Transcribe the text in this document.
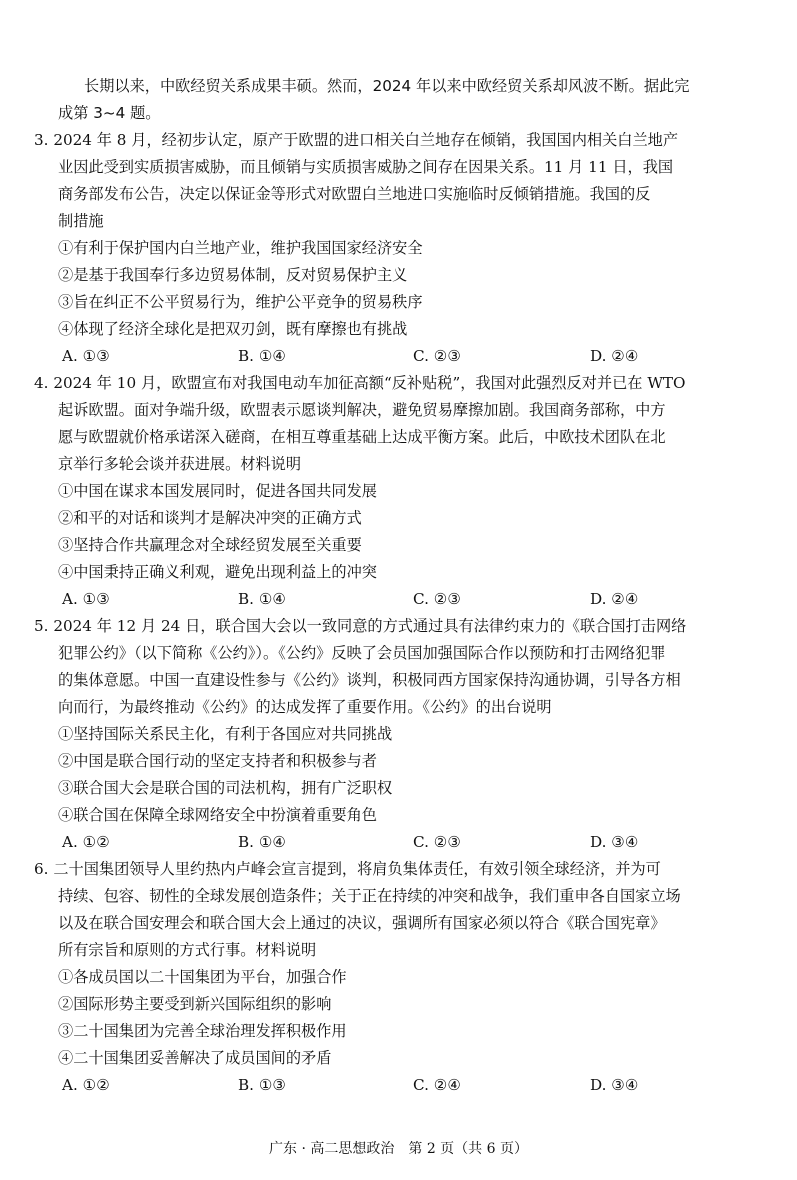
长期以来，中欧经贸关系成果丰硕。然而，2024 年以来中欧经贸关系却风波不断。据此完
成第 3~4 题。
3. 2024 年 8 月，经初步认定，原产于欧盟的进口相关白兰地存在倾销，我国国内相关白兰地产
业因此受到实质损害威胁，而且倾销与实质损害威胁之间存在因果关系。11 月 11 日，我国
商务部发布公告，决定以保证金等形式对欧盟白兰地进口实施临时反倾销措施。我国的反
制措施
①有利于保护国内白兰地产业，维护我国国家经济安全
②是基于我国奉行多边贸易体制，反对贸易保护主义
③旨在纠正不公平贸易行为，维护公平竞争的贸易秩序
④体现了经济全球化是把双刃剑，既有摩擦也有挑战
A. ①③	B. ①④	C. ②③	D. ②④
4. 2024 年 10 月，欧盟宣布对我国电动车加征高额“反补贴税”，我国对此强烈反对并已在 WTO
起诉欧盟。面对争端升级，欧盟表示愿谈判解决，避免贸易摩擦加剧。我国商务部称，中方
愿与欧盟就价格承诺深入磋商，在相互尊重基础上达成平衡方案。此后，中欧技术团队在北
京举行多轮会谈并获进展。材料说明
①中国在谋求本国发展同时，促进各国共同发展
②和平的对话和谈判才是解决冲突的正确方式
③坚持合作共赢理念对全球经贸发展至关重要
④中国秉持正确义利观，避免出现利益上的冲突
A. ①③	B. ①④	C. ②③	D. ②④
5. 2024 年 12 月 24 日，联合国大会以一致同意的方式通过具有法律约束力的《联合国打击网络
犯罪公约》（以下简称《公约》）。《公约》反映了会员国加强国际合作以预防和打击网络犯罪
的集体意愿。中国一直建设性参与《公约》谈判，积极同西方国家保持沟通协调，引导各方相
向而行，为最终推动《公约》的达成发挥了重要作用。《公约》的出台说明
①坚持国际关系民主化，有利于各国应对共同挑战
②中国是联合国行动的坚定支持者和积极参与者
③联合国大会是联合国的司法机构，拥有广泛职权
④联合国在保障全球网络安全中扮演着重要角色
A. ①②	B. ①④	C. ②③	D. ③④
6. 二十国集团领导人里约热内卢峰会宣言提到，将肩负集体责任，有效引领全球经济，并为可
持续、包容、韧性的全球发展创造条件；关于正在持续的冲突和战争，我们重申各自国家立场
以及在联合国安理会和联合国大会上通过的决议，强调所有国家必须以符合《联合国宪章》
所有宗旨和原则的方式行事。材料说明
①各成员国以二十国集团为平台，加强合作
②国际形势主要受到新兴国际组织的影响
③二十国集团为完善全球治理发挥积极作用
④二十国集团妥善解决了成员国间的矛盾
A. ①②	B. ①③	C. ②④	D. ③④
广东 · 高二思想政治　第 2 页（共 6 页）
